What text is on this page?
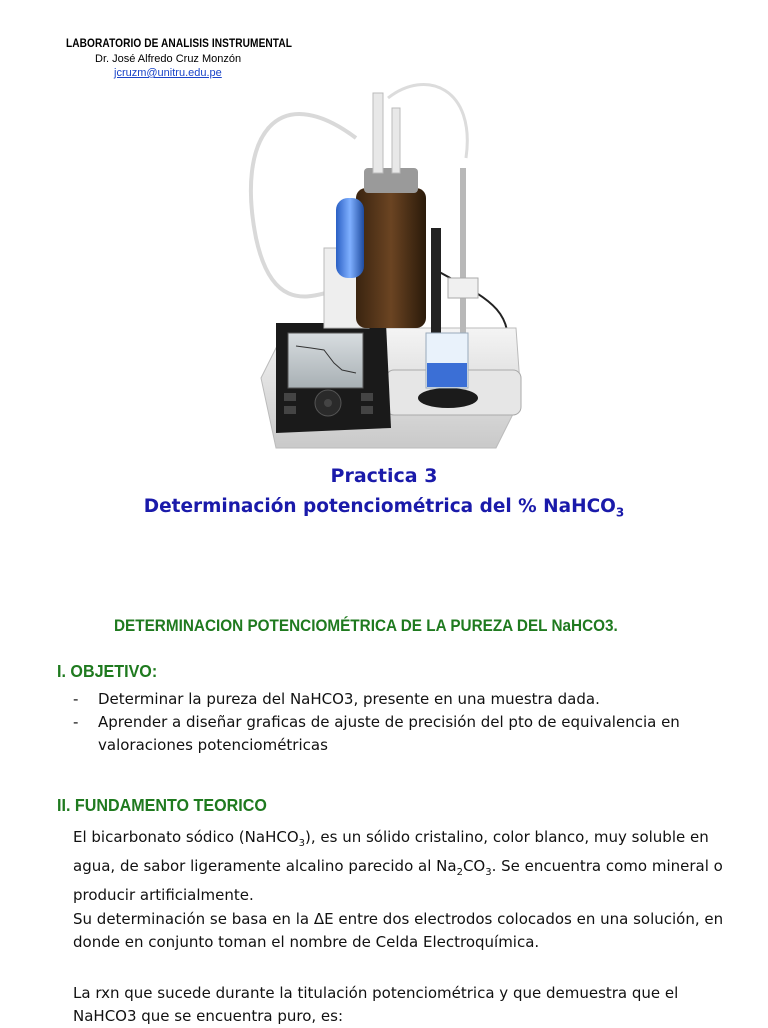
LABORATORIO DE ANALISIS INSTRUMENTAL
Dr. José Alfredo Cruz Monzón
jcruzm@unitru.edu.pe
Practica 3
Determinación potenciométrica del % NaHCO$_3$
DETERMINACION POTENCIOMÉTRICA DE LA PUREZA DEL NaHCO3.
I. OBJETIVO:
- Determinar la pureza del NaHCO3, presente en una muestra dada.
- Aprender a diseñar graficas de ajuste de precisión del pto de equivalencia en valoraciones potenciométricas
II. FUNDAMENTO TEORICO
El bicarbonato sódico (NaHCO$_3$), es un sólido cristalino, color blanco, muy soluble en agua, de sabor ligeramente alcalino parecido al $Na_2CO_3$. Se encuentra como mineral o producir artificialmente.
Su determinación se basa en la ΔE entre dos electrodos colocados en una solución, en donde en conjunto toman el nombre de Celda Electroquímica.
La rxn que sucede durante la titulación potenciométrica y que demuestra que el NaHCO3 que se encuentra puro, es:
